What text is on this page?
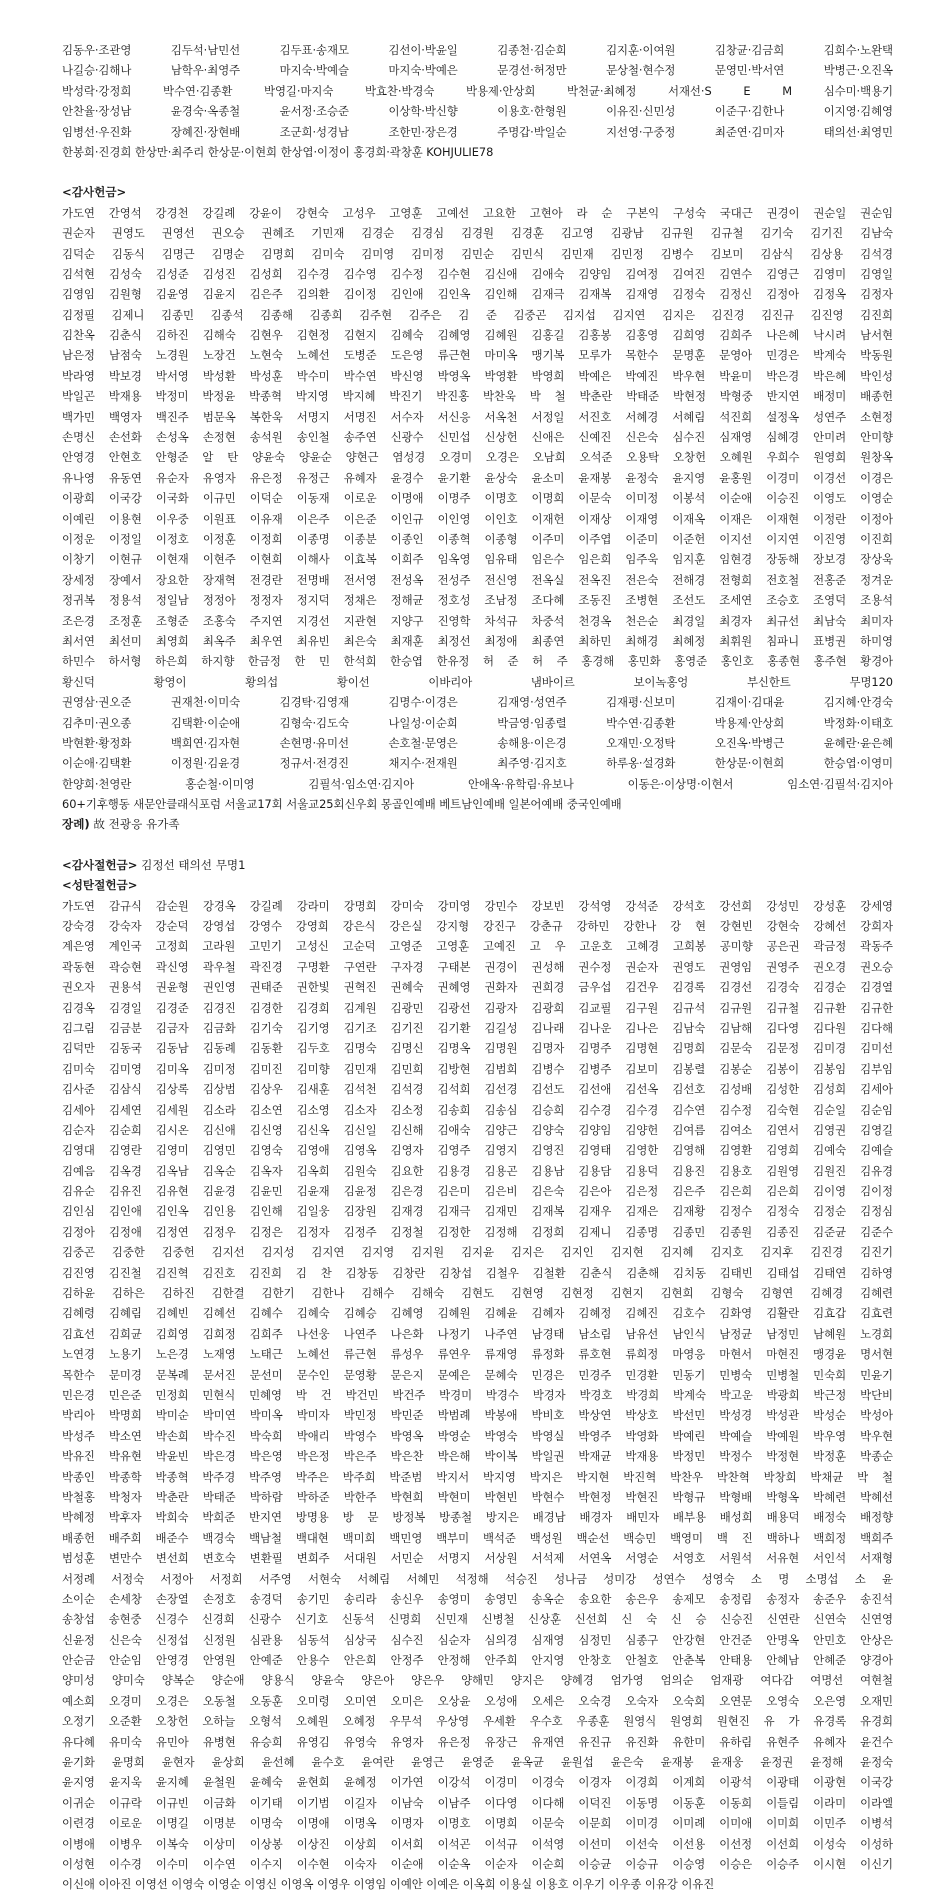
김동우·조관영 김두석·남민선 김두표·송재모 김선이·박윤일 김종천·김순희 김지훈·이여원 김창균·김금희 김희수·노완택
나길승·김해나 남학우·최영주 마지숙·박예슬 마지숙·박예은 문경선·허정만 문상철·현수정 문영민·박서연 박병근·오진옥
박성락·강정희 박수연·김종환 박영길·마지숙 박효찬·박경숙 박용제·안상희 박천균·최혜정 서재선·S E M 심수미·백용기
안찬율·장성남 윤경숙·옥종철 윤서정·조승준 이상학·박신향 이용호·한형원 이유진·신민성 이준구·김한나 이지영·김혜영
임병선·우진화 장혜진·장현배 조군희·성경남 조한민·장은경 주명갑·박일순 지선영·구중정 최준연·김미자 태의선·최영민
한봉희·진경희 한상만·최주리 한상문·이현희 한상엽·이정이 홍경희·곽창훈 KOHJULIE78
<감사헌금>
가도연 간영석 강경천 강길례 강윤이 강현숙 고성우 고영훈 고예선 고요한 고현아 라 순 구본익 구성숙 국대근 권경이 권순일 권순임
권순자 권영도 권영선 권오승 권혜조 기민재 김경순 김경심 김경원 김경훈 김고영 김광남 김규원 김규철 김기숙 김기진 김남숙
김덕순 김동식 김명근 김명순 김명희 김미숙 김미영 김미정 김민순 김민식 김민재 김민정 김병수 김보미 김삼식 김상용 김석경
김석현 김성숙 김성준 김성진 김성희 김수경 김수영 김수정 김수현 김신애 김애숙 김양임 김여정 김여진 김연수 김영근 김영미 김영일
김영임 김원형 김윤영 김윤지 김은주 김의환 김이정 김인애 김인옥 김인해 김재극 김재복 김재영 김정숙 김정신 김정아 김정옥 김정자
김정필 김제니 김종민 김종석 김종해 김종희 김주현 김주은 김 준 김중곤 김지섭 김지연 김지은 김진경 김진규 김진영 김진희
김찬옥 김춘식 김하진 김해숙 김현우 김현정 김현지 김혜숙 김혜영 김혜원 김홍길 김홍봉 김홍영 김희영 김희주 나은혜 낙시려 남서현
남은정 남점숙 노경원 노장건 노현숙 노혜선 도병준 도은영 류근현 마미옥 맹기복 모루가 목한수 문명훈 문영아 민경은 박계숙 박동원
박라영 박보경 박서영 박성환 박성훈 박수미 박수연 박신영 박영옥 박영환 박영희 박예은 박예진 박우현 박윤미 박은경 박은혜 박인성
박일곤 박재용 박정미 박정윤 박종혁 박지영 박지혜 박진기 박진홍 박찬욱 박 철 박춘란 박태준 박현정 박형중 반지연 배정미 배종헌
백가민 백영자 백진주 범문옥 복한욱 서명지 서명진 서수자 서신응 서옥천 서정일 서진호 서혜경 서혜림 석진희 설정옥 성연주 소현정
손명신 손선화 손성옥 손정현 송석원 송인철 송주연 신광수 신민섭 신상헌 신애은 신예진 신은숙 심수진 심재영 심혜경 안미려 안미향
안영경 안현호 안형준 알 탄 양윤숙 양윤순 양현근 염성경 오경미 오경은 오남희 오석준 오용탁 오창헌 오혜원 우희수 원영희 원창옥
유나영 유동연 유순자 유영자 유은정 유정근 유혜자 윤경수 윤기환 윤상숙 윤소미 윤재봉 윤정숙 윤지영 윤홍원 이경미 이경선 이경은
이광희 이국강 이국화 이규민 이덕순 이동재 이로운 이명애 이명주 이명호 이명희 이문숙 이미정 이봉석 이순애 이승진 이영도 이영순
이예린 이용현 이우중 이원표 이유재 이은주 이은준 이인규 이인영 이인호 이재헌 이재상 이재영 이재옥 이재은 이재현 이정란 이정아
이정운 이정일 이정호 이정훈 이정희 이종명 이종분 이종인 이종혁 이종형 이주미 이주엽 이준미 이준헌 이지선 이지연 이진영 이진희
이창기 이현규 이현재 이현주 이현희 이해사 이효복 이희주 임옥영 임유태 임은수 임은희 임주욱 임지훈 임현경 장동해 장보경 장상욱
장세정 장예서 장요한 장재혁 전경란 전명배 전서영 전성옥 전성주 전신영 전옥실 전옥진 전은숙 전해경 전형희 전호철 전홍준 정겨운
정귀복 정용석 정일남 정정아 정정자 정지덕 정채은 정해균 정호성 조남정 조다혜 조동진 조병현 조선도 조세연 조승호 조영덕 조용석
조은경 조정훈 조형준 조홍숙 주지연 지경선 지관현 지양구 진영학 차석규 차중석 천경옥 천은순 최경일 최경자 최규선 최남숙 최미자
최서연 최선미 최영희 최옥주 최우연 최유빈 최은숙 최재훈 최정선 최정애 최종연 최하민 최해경 최혜정 최휘원 침파니 표병권 하미영
하민수 하서형 하은희 하지향 한금정 한 민 한석희 한승엽 한유정 허 준 허 주 홍경해 홍민화 홍영준 홍인호 홍종현 홍주현 황경아
황신덕 황영이 황의섭 황이선 이바리아 냄바이르 보이녹홍엉 부신한트 무명120
권영삼·권오준 권재천·이미숙 김경탁·김영재 김명수·이경은 김재영·성연주 김재평·신보미 김재이·김대윤 김지혜·안경숙
김추미·권오종 김택환·이순애 김형숙·김도숙 나일성·이순희 박금영·임종렬 박수연·김종환 박용제·안상희 박정화·이태호
박현환·황정화 백희연·김자현 손현명·유미선 손호철·문영은 송해용·이은경 오재민·오정탁 오진옥·박병근 윤혜란·윤은혜
이순애·김택환 이정원·김윤경 정규서·전경진 채지수·전재원 최주영·김지호 하루옹·설경화 한상문·이현희 한승엽·이영미
한양희·천영란 홍순철·이미영 김필석·임소연·김지아 안애옥·유학림·유보나 이동은·이상명·이현서 임소연·김필석·김지아
60+기후행동 새문안클래식포럼 서울교17회 서울교25회신우회 몽골인예배 베트남인예배 일본어예배 중국인예배
장례) 故 전광응 유가족
<감사절헌금> 김정선 태의선 무명1
<성탄절헌금>
가도연 감규식 감순원 강경옥 강길례 강라미 강명희 강미숙 강미영 강민수 강보빈 강석영 강석준 강석호 강선희 강성민 강성훈 강세영
강숙경 강숙자 강순덕 강영섭 강영수 강영희 강은식 강은실 강지형 강진구 강춘규 강하민 강한나 강 현 강현빈 강현숙 강혜선 강희자
계은영 계인국 고정희 고라원 고민기 고성신 고순덕 고영준 고영훈 고예진 고 우 고운호 고혜경 고희봉 공미향 공은권 곽금정 곽동주
곽동현 곽승현 곽신영 곽우철 곽진경 구명환 구연란 구자경 구태본 권경이 권성해 권수정 권순자 권영도 권영임 권영주 권오경 권오승
권오자 권용석 권윤형 권인영 권태준 권한빛 권혁진 권혜숙 권혜영 권화자 권희경 금우섭 김건우 김경록 김경선 김경숙 김경순 김경열
김경옥 김경일 김경준 김경진 김경한 김경희 김계원 김광민 김광선 김광자 김광희 김교필 김구원 김규석 김규원 김규철 김규환 김규한
김그림 김금분 김금자 김금화 김기숙 김기영 김기조 김기진 김기환 김길성 김나래 김나운 김나은 김남숙 김남해 김다영 김다원 김다해
김덕만 김동국 김동남 김동례 김동환 김두호 김명숙 김명신 김명옥 김명원 김명자 김명주 김명현 김명희 김문숙 김문정 김미경 김미선
김미숙 김미영 김미옥 김미정 김미진 김미향 김민재 김민희 김방현 김범희 김병수 김병주 김보미 김봉렬 김봉순 김봉이 김봉임 김부임
김사준 김삼식 김상록 김상범 김상우 김새훈 김석천 김석경 김석희 김선경 김선도 김선애 김선옥 김선호 김성배 김성한 김성희 김세아
김세아 김세연 김세원 김소라 김소연 김소영 김소자 김소정 김송희 김송심 김승희 김수경 김수경 김수연 김수정 김숙현 김순일 김순임
김순자 김순희 김시온 김신애 김신영 김신옥 김신일 김신해 김애숙 김양근 김양숙 김양임 김양헌 김여름 김여소 김연서 김영권 김영길
김영대 김영란 김영미 김영민 김영숙 김영애 김영옥 김영자 김영주 김영지 김영진 김영태 김영한 김영해 김영환 김영희 김예숙 김예슬
김예음 김옥경 김옥남 김옥순 김옥자 김옥희 김원숙 김요한 김용경 김용곤 김용남 김용담 김용덕 김용진 김용호 김원영 김원진 김유경
김유순 김유진 김유현 김윤경 김윤민 김윤재 김윤정 김은경 김은미 김은비 김은숙 김은아 김은정 김은주 김은희 김은희 김이영 김이정
김인심 김인애 김인옥 김인용 김인해 김일웅 김장원 김재경 김재극 김재민 김재복 김재우 김재은 김재황 김정수 김정숙 김정순 김정심
김정아 김정애 김정연 김정우 김정은 김정자 김정주 김정철 김정한 김정해 김정희 김제니 김종명 김종민 김종원 김종진 김준균 김준수
김중곤 김중한 김중헌 김지선 김지성 김지연 김지영 김지원 김지윤 김지은 김지인 김지현 김지혜 김지호 김지후 김진경 김진기
김진영 김진철 김진혁 김진호 김진희 김 찬 김창동 김창란 김창섭 김철우 김철환 김춘식 김춘해 김치동 김태빈 김태섭 김태연 김하영
김하윤 김하은 김하진 김한결 김한기 김한나 김해수 김해숙 김현도 김현영 김현정 김현지 김현희 김형숙 김형연 김혜경 김혜련
김혜령 김혜림 김혜빈 김혜선 김혜수 김혜숙 김혜승 김혜영 김혜원 김혜윤 김혜자 김혜정 김혜진 김호수 김화영 김활란 김효갑 김효련
김효선 김희균 김희영 김희정 김희주 나선웅 나연주 나은화 나정기 나주연 남경태 남소림 남유선 남인식 남정균 남정민 남혜원 노경희
노연경 노용기 노은경 노재영 노태근 노혜선 류근현 류성우 류연우 류재영 류정화 류호현 류희정 마영응 마현서 마현진 맹경윤 명서현
목한수 문미경 문복례 문서진 문선미 문수인 문영황 문은지 문예은 문혜숙 민경은 민경주 민경환 민동기 민병숙 민병철 민숙희 민윤기
민은경 민은준 민정희 민현식 민혜영 박 건 박건민 박건주 박경미 박경수 박경자 박경호 박경희 박계숙 박고운 박광희 박근정 박단비
박리아 박명희 박미순 박미연 박미옥 박미자 박민정 박민준 박범례 박봉애 박비호 박상연 박상호 박선민 박성경 박성관 박성순 박성아
박성주 박소연 박손희 박수진 박숙희 박애리 박영수 박영옥 박영순 박영숙 박영실 박영주 박영화 박예린 박예슬 박예원 박우영 박우현
박유진 박유현 박윤빈 박은경 박은영 박은정 박은주 박은찬 박은해 박이복 박일권 박재균 박재용 박정민 박정수 박정현 박정훈 박종순
박종인 박종학 박종혁 박주경 박주영 박주은 박주희 박준범 박지서 박지영 박지은 박지현 박진혁 박찬우 박찬혁 박창희 박채균 박 철
박철홍 박청자 박춘란 박태준 박하람 박하준 박한주 박현희 박현미 박현빈 박현수 박현정 박현진 박형규 박형배 박형옥 박혜련 박혜선
박혜정 박후자 박희숙 박희준 반지연 방명용 방 문 방정복 방종철 방지은 배경남 배경자 배민자 배부용 배성희 배용덕 배정숙 배정향
배종헌 배주희 배준수 백경숙 백남철 백대현 백미희 백민영 백부미 백석준 백성원 백순선 백승민 백영미 백 진 백하나 백희정 백희주
범성훈 변만수 변선희 변호숙 변환필 변희주 서대원 서민순 서명지 서상원 서석제 서연옥 서영순 서영호 서원석 서유현 서인석 서재형
서정례 서정숙 서정아 서정희 서주영 서현숙 서혜림 서혜민 석정해 석승진 성나금 성미강 성연수 성영숙 소 명 소명섭 소 윤
소이순 손세창 손장열 손정호 송경덕 송기민 송리라 송신우 송영미 송영민 송옥순 송요한 송은우 송제모 송정림 송정자 송준우 송진석
송창섭 송현중 신경수 신경희 신광수 신기호 신동석 신명희 신민재 신병철 신상훈 신선희 신 숙 신 승 신승진 신연란 신연숙 신연영
신윤정 신은숙 신정섭 신정원 심관용 심동석 심상국 심수진 심순자 심의경 심재영 심정민 심종구 안강현 안건준 안명옥 안민호 안상은
안순금 안순임 안영경 안영원 안예준 안용수 안은희 안정주 안정해 안주희 안지영 안창호 안철호 안춘복 안태용 안혜남 안혜준 양경아
양미성 양미숙 양복순 양순애 양용식 양윤숙 양은아 양은우 양해민 양지은 양혜경 엄가영 엄의순 엄재광 여다감 여명선 여현철
예소희 오경미 오경은 오동철 오동훈 오미령 오미연 오미은 오상윤 오성애 오세은 오숙경 오숙자 오숙희 오연문 오영숙 오은영 오재민
오정기 오준환 오창헌 오하늘 오형석 오혜원 오혜정 우무석 우상영 우세환 우수호 우종훈 원영식 원영희 원현진 유 가 유경록 유경희
유다혜 유미숙 유민아 유병현 유승희 유영김 유영숙 유영자 유은정 유장근 유재연 유진규 유진화 유한미 유하림 유현주 유혜자 윤건수
윤기화 윤명희 윤현자 윤상희 윤선혜 윤수호 윤여란 윤영근 윤영준 윤옥균 윤원섭 윤은숙 윤재봉 윤재웅 윤정권 윤정해 윤정숙
윤지영 윤지욱 윤지혜 윤철원 윤혜숙 윤현희 윤혜정 이가연 이강석 이경미 이경숙 이경자 이경희 이계희 이광석 이광태 이광현 이국강
이귀순 이규락 이규빈 이금화 이기태 이기범 이길자 이남숙 이남주 이다영 이다해 이덕진 이동명 이동훈 이동희 이들림 이라미 이라엘
이련경 이로운 이명길 이명분 이명숙 이명애 이명옥 이명자 이명호 이명희 이문숙 이문희 이미경 이미례 이미애 이미희 이민주 이병석
이병애 이병우 이복숙 이상미 이상봉 이상진 이상희 이서희 이석곤 이석규 이석영 이선미 이선숙 이선용 이선정 이선희 이성숙 이성하
이성현 이수경 이수미 이수연 이수지 이수현 이숙자 이순애 이순옥 이순자 이순희 이승균 이승규 이승영 이승은 이승주 이시현 이신기
이신애 이아진 이영선 이영숙 이영순 이영신 이영옥 이영우 이영임 이예안 이예은 이옥희 이용실 이용호 이우기 이우종 이유강 이유진
